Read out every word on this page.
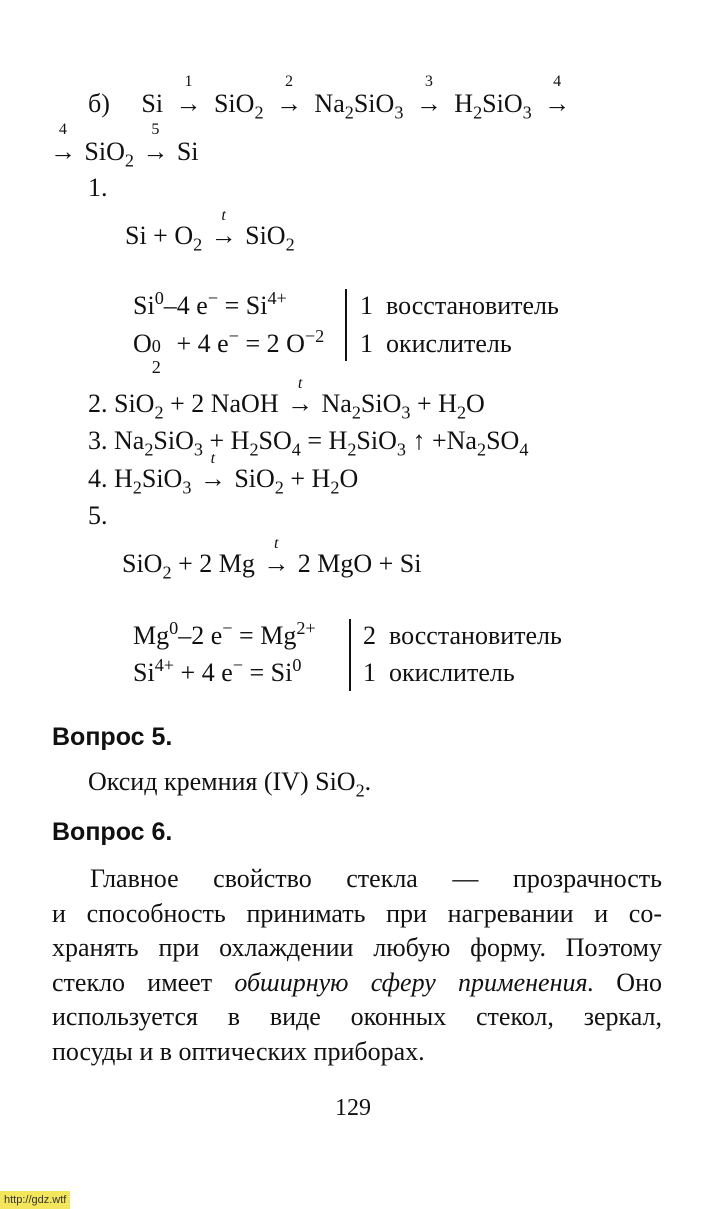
б) Si →
1
SiO$_2$ →
2
$Na_2SiO_3$ →
3
$H_2SiO_3$ →
4
→
4
SiO$_2$ →
5
Si
1.
$Si + O_2$ →
t
SiO$_2$
Si$^0$–4 $e^- = Si^{4+}$
O 0
2
+ 4 e− = 2 $O^{-2}$
1 восстановитель
1 окислитель
2. SiO$_2$ + 2 NaOH →
t
$Na_2SiO_3 + H_2O$
3. $Na_2SiO_3 + H_2SO_4 = H_2SiO_3$ ↑ $+Na_2SO_4$
4. $H_2SiO_3$ →
t
$SiO_2 + H_2O$
5.
SiO$_2$ + 2 Mg →
t
2 MgO + Si
Mg$^0$–2 $e^- = Mg^{2+}$
$Si^{4+} + 4$ $e^- = Si^0$
2 восстановитель
1 окислитель
Вопрос 5.
Оксид кремния (IV) SiO$_2$.
Вопрос 6.
Главное свойство стекла — прозрачность
и способность принимать при нагревании и со-
хранять при охлаждении любую форму. Поэтому
стекло имеет обширную сферу применения. Оно
используется в виде оконных стекол, зеркал,
посуды и в оптических приборах.
129
http://gdz.wtf
